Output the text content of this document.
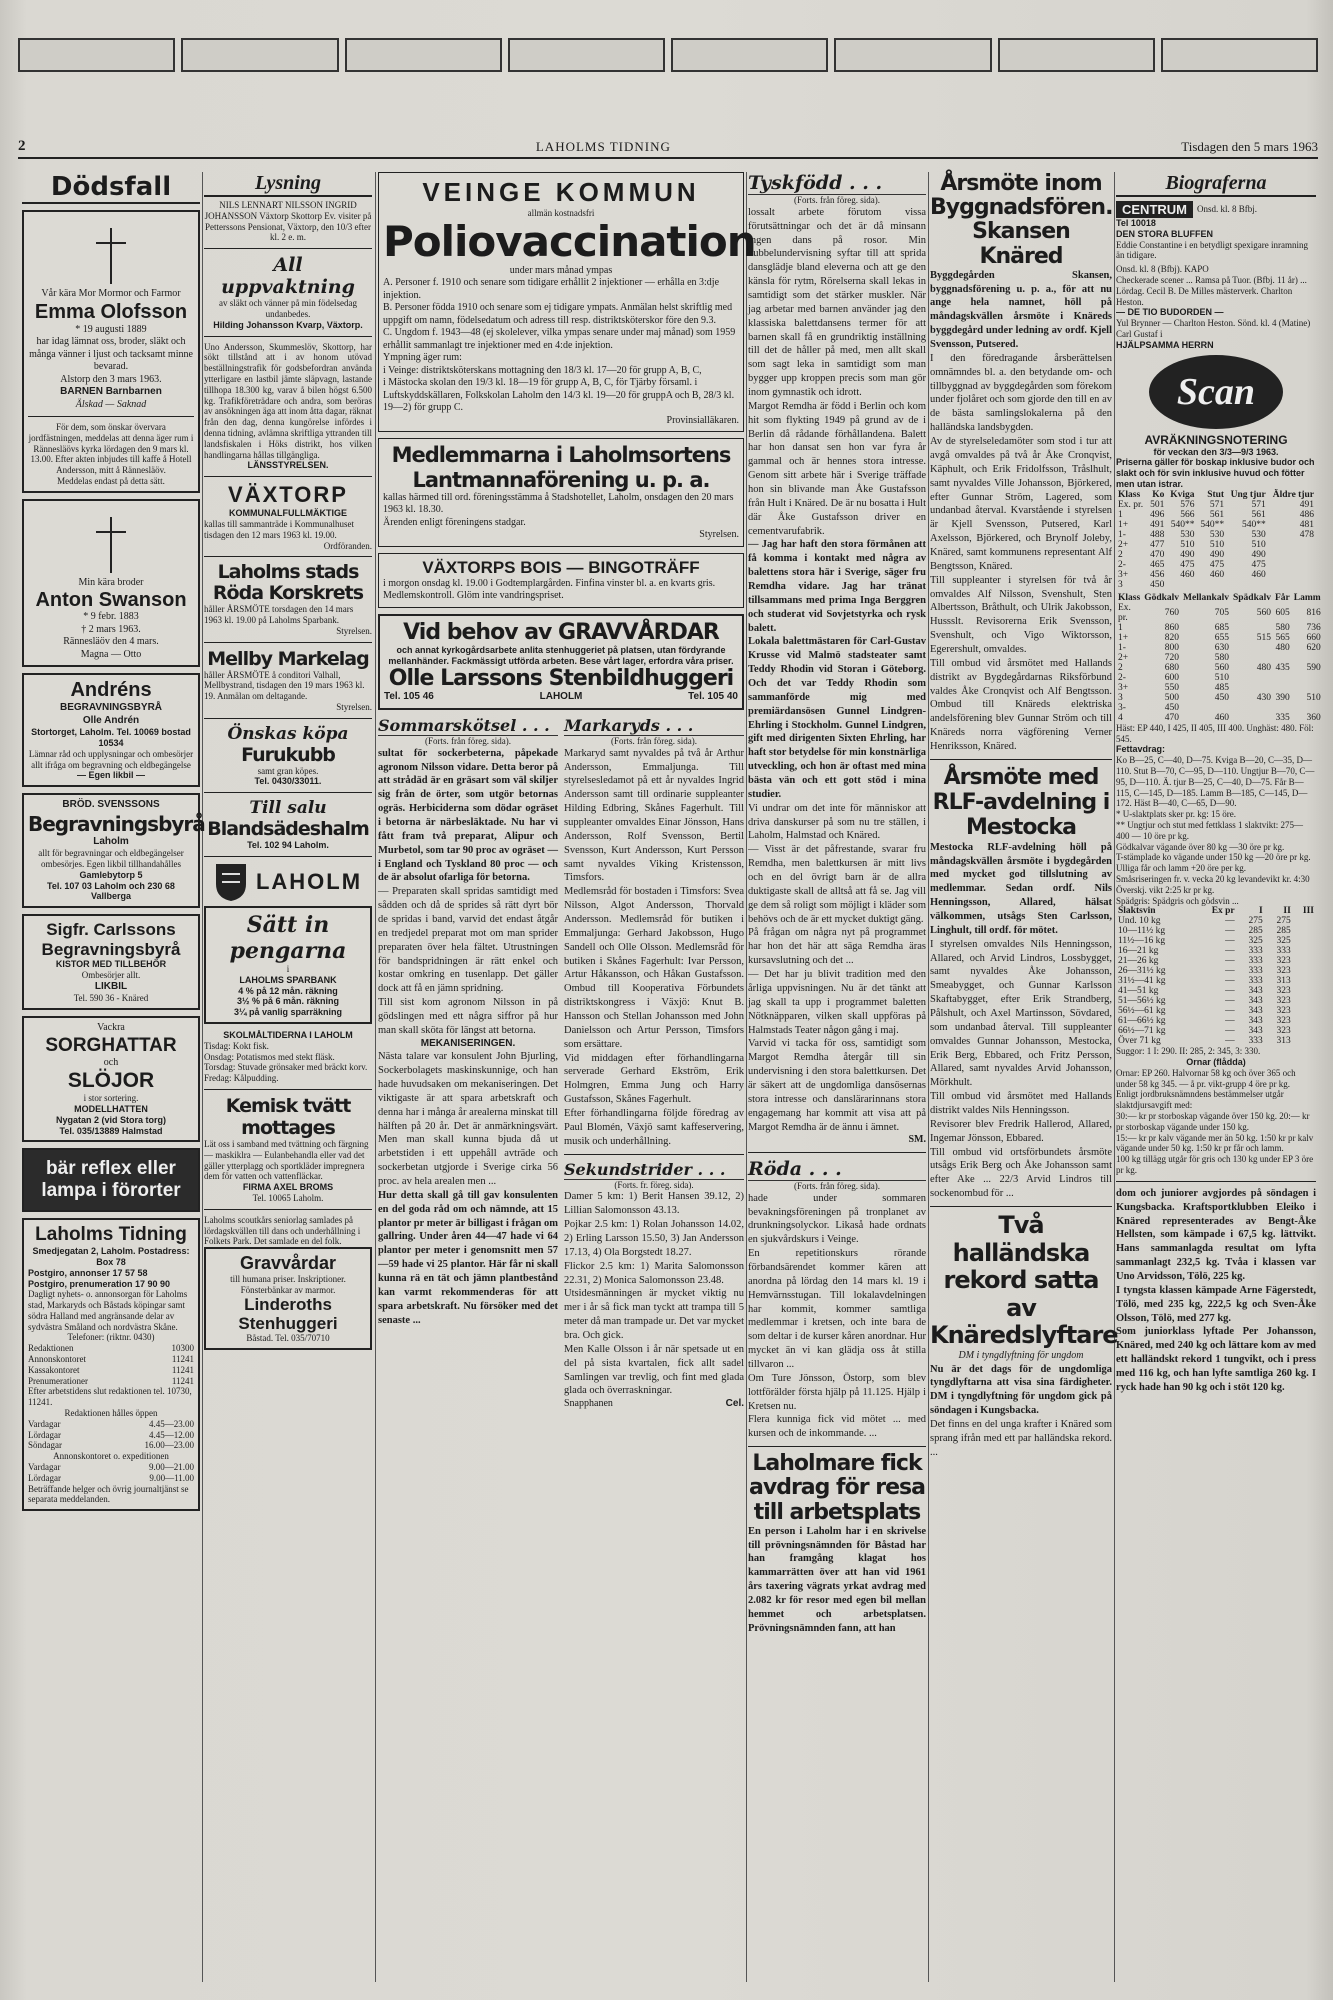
2	LAHOLMS TIDNING	Tisdagen den 5 mars 1963
Dödsfall
Vår kära Mor Mormor och Farmor
Emma Olofsson
* 19 augusti 1889
har idag lämnat oss, broder, släkt och många vänner i ljust och tacksamt minne bevarad.
Alstorp den 3 mars 1963.
BARNEN Barnbarnen
Älskad — Saknad
För dem, som önskar övervara jordfästningen, meddelas att denna äger rum i Rännesläövs kyrka lördagen den 9 mars kl. 13.00. Efter akten inbjudes till kaffe å Hotell Andersson, mitt å Rännesläöv.
Meddelas endast på detta sätt.
Min kära broder
Anton Swanson
* 9 febr. 1883
† 2 mars 1963.
Rännesläöv den 4 mars.
Magna — Otto
Andréns
BEGRAVNINGSBYRÅ
Olle Andrén
Stortorget, Laholm. Tel. 10069 bostad 10534
Lämnar råd och upplysningar och ombesörjer allt ifråga om begravning och eldbegängelse
— Egen likbil —
BRÖD. SVENSSONS
Begravningsbyrå
Laholm
allt för begravningar och eldbegängelser ombesörjes. Egen likbil tillhandahålles
Gamlebytorp 5
Tel. 107 03 Laholm och 230 68 Vallberga
Sigfr. Carlssons Begravningsbyrå
KISTOR MED TILLBEHÖR
Ombesörjer allt.
LIKBIL
Tel. 590 36 - Knäred
Vackra
SORGHATTAR
och
SLÖJOR
i stor sortering.
MODELLHATTEN
Nygatan 2 (vid Stora torg)
Tel. 035/13889 Halmstad
bär reflex eller lampa i förorter
Laholms Tidning
Smedjegatan 2, Laholm. Postadress: Box 78
Postgiro, annonser 17 57 58
Postgiro, prenumeration 17 90 90
Dagligt nyhets- o. annonsorgan för Laholms stad, Markaryds och Båstads köpingar samt södra Halland med angränsande delar av sydvästra Småland och nordvästra Skåne.
Telefoner: (riktnr. 0430)
Redaktionen	10300
Annonskontoret	11241
Kassakontoret	11241
Prenumerationer	11241
Efter arbetstidens slut redaktionen tel. 10730, 11241.
Redaktionen hålles öppen
Vardagar	4.45—23.00
Lördagar	4.45—12.00
Söndagar	16.00—23.00
Annonskontoret o. expeditionen
Vardagar	9.00—21.00
Lördagar	9.00—11.00
Beträffande helger och övrig journaltjänst se separata meddelanden.
Lysning
NILS LENNART NILSSON INGRID JOHANSSON Växtorp Skottorp Ev. visiter på Petterssons Pensionat, Växtorp, den 10/3 efter kl. 2 e. m.
All uppvaktning
av släkt och vänner på min födelsedag undanbedes.
Hilding Johansson Kvarp, Växtorp.
Uno Andersson, Skummeslöv, Skottorp, har sökt tillstånd att i av honom utövad beställningstrafik för godsbefordran använda ytterligare en lastbil jämte släpvagn, lastande tillhopa 18.300 kg, varav å bilen högst 6.500 kg. Trafikföreträdare och andra, som beröras av ansökningen äga att inom åtta dagar, räknat från den dag, denna kungörelse infördes i denna tidning, avlämna skriftliga yttranden till landsfiskalen i Höks distrikt, hos vilken handlingarna hållas tillgängliga.
LÄNSSTYRELSEN.
VÄXTORP
KOMMUNALFULLMÄKTIGE
kallas till sammanträde i Kommunalhuset tisdagen den 12 mars 1963 kl. 19.00.
Ordföranden.
Laholms stads Röda Korskrets
håller ÅRSMÖTE torsdagen den 14 mars 1963 kl. 19.00 på Laholms Sparbank.
Styrelsen.
Mellby Markelag
håller ÅRSMÖTE å conditori Valhall, Mellbystrand, tisdagen den 19 mars 1963 kl. 19. Anmälan om deltagande.
Styrelsen.
Önskas köpa
Furukubb
samt gran köpes.
Tel. 0430/33011.
Till salu
Blandsädeshalm
Tel. 102 94 Laholm.
LAHOLM
Sätt in pengarna
i
LAHOLMS SPARBANK
4 % på 12 mån. räkning
3½ % på 6 mån. räkning
3¼ på vanlig sparräkning
SKOLMÅLTIDERNA I LAHOLM
Tisdag: Kokt fisk.
Onsdag: Potatismos med stekt fläsk.
Torsdag: Stuvade grönsaker med bräckt korv.
Fredag: Kålpudding.
Kemisk tvätt mottages
Lät oss i samband med tvättning och färgning — maskiklra — Eulanbehandla eller vad det gäller ytterplagg och sportkläder impregnera dem för vatten och vattenfläckar.
FIRMA AXEL BROMS
Tel. 10065 Laholm.
Laholms scoutkårs seniorlag samlades på lördagskvällen till dans och underhållning i Folkets Park. Det samlade en del folk.
Gravvårdar
till humana priser. Inskriptioner. Fönsterbänkar av marmor.
Linderoths Stenhuggeri
Båstad. Tel. 035/70710
VEINGE KOMMUN
allmän kostnadsfri
Poliovaccination
under mars månad ympas
A. Personer f. 1910 och senare som tidigare erhållit 2 injektioner — erhålla en 3:dje injektion.
B. Personer födda 1910 och senare som ej tidigare ympats. Anmälan helst skriftlig med uppgift om namn, födelsedatum och adress till resp. distriktsköterskor före den 9.3.
C. Ungdom f. 1943—48 (ej skolelever, vilka ympas senare under maj månad) som 1959 erhållit sammanlagt tre injektioner med en 4:de injektion.
Ympning äger rum:
i Veinge: distriktsköterskans mottagning den 18/3 kl. 17—20 för grupp A, B, C,
i Mästocka skolan den 19/3 kl. 18—19 för grupp A, B, C, för Tjärby församl. i Luftskyddskällaren, Folkskolan Laholm den 14/3 kl. 19—20 för gruppA och B, 28/3 kl. 19—2) för grupp C.
Provinsialläkaren.
Medlemmarna i Laholmsortens Lantmannaförening u. p. a.
kallas härmed till ord. föreningsstämma å Stadshotellet, Laholm, onsdagen den 20 mars 1963 kl. 18.30.
Ärenden enligt föreningens stadgar.
Styrelsen.
VÄXTORPS BOIS — BINGOTRÄFF
i morgon onsdag kl. 19.00 i Godtemplargården. Finfina vinster bl. a. en kvarts gris. Medlemskontroll. Glöm inte vandringspriset.
Vid behov av GRAVVÅRDAR
och annat kyrkogårdsarbete anlita stenhuggeriet på platsen, utan fördyrande mellanhänder. Fackmässigt utförda arbeten. Bese vårt lager, erfordra våra priser.
Olle Larssons Stenbildhuggeri
Tel. 105 46	LAHOLM	Tel. 105 40
Sommarskötsel . . .
(Forts. från föreg. sida).
sultat för sockerbeterna, påpekade agronom Nilsson vidare. Detta beror på att strådäd är en gräsart som väl skiljer sig från de örter, som utgör betornas ogräs. Herbiciderna som dödar ogräset i betorna är närbesläktade. Nu har vi fått fram två preparat, Alipur och Murbetol, som tar 90 proc av ogräset — i England och Tyskland 80 proc — och de är absolut ofarliga för betorna.
— Preparaten skall spridas samtidigt med sådden och då de sprides så rätt dyrt bör de spridas i band, varvid det endast åtgår en tredjedel preparat mot om man sprider preparaten över hela fältet. Utrustningen för bandspridningen är rätt enkel och kostar omkring en tusenlapp. Det gäller dock att få en jämn spridning.
Till sist kom agronom Nilsson in på gödslingen med ett några siffror på hur man skall sköta för längst att betorna.
MEKANISERINGEN.
Nästa talare var konsulent John Bjurling, Sockerbolagets maskinskunnige, och han hade huvudsaken om mekaniseringen. Det viktigaste är att spara arbetskraft och denna har i många år arealerna minskat till hälften på 20 år. Det är anmärkningsvärt. Men man skall kunna bjuda då ut arbetstiden i ett uppehåll avträde och sockerbetan utgjorde i Sverige cirka 56 proc. av hela arealen men ...
Hur detta skall gå till gav konsulenten en del goda råd om och nämnde, att 15 plantor pr meter är billigast i frågan om gallring. Under åren 44—47 hade vi 64 plantor per meter i genomsnitt men 57—59 hade vi 25 plantor. Här får ni skall kunna rä en tät och jämn plantbestånd kan varmt rekommenderas för att spara arbetskraft. Nu försöker med det senaste ...
Markaryds . . .
(Forts. från föreg. sida).
Markaryd samt nyvaldes på två år Arthur Andersson, Emmaljunga. Till styrelsesledamot på ett år nyvaldes Ingrid Andersson samt till ordinarie suppleanter Hilding Edbring, Skånes Fagerhult. Till suppleanter omvaldes Einar Jönsson, Hans Andersson, Rolf Svensson, Bertil Svensson, Kurt Andersson, Kurt Persson samt nyvaldes Viking Kristensson, Timsfors.
Medlemsråd för bostaden i Timsfors: Svea Nilsson, Algot Andersson, Thorvald Andersson. Medlemsråd för butiken i Emmaljunga: Gerhard Jakobsson, Hugo Sandell och Olle Olsson. Medlemsråd för butiken i Skånes Fagerhult: Ivar Persson, Artur Håkansson, och Håkan Gustafsson. Ombud till Kooperativa Förbundets distriktskongress i Växjö: Knut B. Hansson och Stellan Johansson med John Danielsson och Artur Persson, Timsfors som ersättare.
Vid middagen efter förhandlingarna serverade Gerhard Ekström, Erik Holmgren, Emma Jung och Harry Gustafsson, Skånes Fagerhult.
Efter förhandlingarna följde föredrag av Paul Blomén, Växjö samt kaffeservering, musik och underhållning.
Sekundstrider . . .
(Forts. fr. föreg. sida).
Damer 5 km: 1) Berit Hansen 39.12, 2) Lillian Salomonsson 43.13.
Pojkar 2.5 km: 1) Rolan Johansson 14.02, 2) Erling Larsson 15.50, 3) Jan Andersson 17.13, 4) Ola Borgstedt 18.27.
Flickor 2.5 km: 1) Marita Salomonsson 22.31, 2) Monica Salomonsson 23.48.
Utsidesmänningen är mycket viktig nu mer i år så fick man tyckt att trampa till 5 meter då man trampade ur. Det var mycket bra. Och gick.
Men Kalle Olsson i år när spetsade ut en del på sista kvartalen, fick allt sadel Samlingen var trevlig, och fint med glada glada och överraskningar.
Snapphanen	Cel.
Tyskfödd . . .
(Forts. från föreg. sida).
lossalt arbete förutom vissa förutsättningar och det är då minsann ingen dans på rosor. Min bubbelundervisning syftar till att sprida dansglädje bland eleverna och att ge den känsla för rytm, Rörelserna skall lekas in samtidigt som det stärker muskler. När jag arbetar med barnen använder jag den klassiska balettdansens termer för att barnen skall få en grundriktig inställning till det de håller på med, men allt skall som sagt leka in samtidigt som man bygger upp kroppen precis som man gör inom gymnastik och idrott.
Margot Remdha är född i Berlin och kom hit som flykting 1949 på grund av de i Berlin då rådande förhållandena. Balett har hon dansat sen hon var fyra år gammal och är hennes stora intresse. Genom sitt arbete här i Sverige träffade hon sin blivande man Åke Gustafsson från Hult i Knäred. De är nu bosatta i Hult där Åke Gustafsson driver en cementvarufabrik.
— Jag har haft den stora förmånen att få komma i kontakt med några av balettens stora här i Sverige, säger fru Remdha vidare. Jag har tränat tillsammans med prima Inga Berggren och studerat vid Sovjetstyrka och rysk balett.
Lokala balettmästaren för Carl-Gustav Krusse vid Malmö stadsteater samt Teddy Rhodin vid Storan i Göteborg. Och det var Teddy Rhodin som sammanförde mig med premiärdansösen Gunnel Lindgren-Ehrling i Stockholm. Gunnel Lindgren, gift med dirigenten Sixten Ehrling, har haft stor betydelse för min konstnärliga utveckling, och hon är oftast med mina bästa vän och ett gott stöd i mina studier.
Vi undrar om det inte för människor att driva danskurser på som nu tre ställen, i Laholm, Halmstad och Knäred.
— Visst är det påfrestande, svarar fru Remdha, men balettkursen är mitt livs och en del övrigt barn är de allra duktigaste skall de alltså att få se. Jag vill ge dem så roligt som möjligt i kläder som behövs och de är ett mycket duktigt gäng.
På frågan om några nyt på programmet har hon det här att säga Remdha äras kursavslutning och det ...
— Det har ju blivit tradition med den årliga uppvisningen. Nu är det tänkt att jag skall ta upp i programmet baletten Nötknäpparen, vilken skall uppföras på Halmstads Teater någon gång i maj.
Varvid vi tacka för oss, samtidigt som Margot Remdha återgår till sin undervisning i den stora balettkursen. Det är säkert att de ungdomliga dansösernas stora intresse och danslärarinnans stora engagemang har kommit att visa att på Margot Remdha är de ännu i ämnet.
SM.
Röda . . .
(Forts. från föreg. sida).
hade under sommaren bevakningsföreningen på tronplanet av drunkningsolyckor. Likaså hade ordnats en sjukvårdskurs i Veinge.
En repetitionskurs rörande förbandsärendet kommer kären att anordna på lördag den 14 mars kl. 19 i Hemvärnsstugan. Till lokalavdelningen har kommit, kommer samtliga medlemmar i kretsen, och inte bara de som deltar i de kurser kåren anordnar. Hur mycket än vi kan glädja oss åt stilla tillvaron ...
Om Ture Jönsson, Östorp, som blev lottförälder första hjälp på 11.125. Hjälp i Kretsen nu.
Flera kunniga fick vid mötet ... med kursen och de inkommande. ...
Laholmare fick avdrag för resa till arbetsplats
En person i Laholm har i en skrivelse till prövningsnämnden för Båstad har han framgång klagat hos kammarrätten över att han vid 1961 års taxering vägrats yrkat avdrag med 2.082 kr för resor med egen bil mellan hemmet och arbetsplatsen. Prövningsnämnden fann, att han
Årsmöte inom Byggnadsfören. Skansen Knäred
Byggdegården Skansen, byggnadsförening u. p. a., för att nu ange hela namnet, höll på måndagskvällen årsmöte i Knäreds byggdegård under ledning av ordf. Kjell Svensson, Putsered.
I den föredragande årsberättelsen omnämndes bl. a. den betydande om- och tillbyggnad av byggdegården som förekom under fjolåret och som gjorde den till en av de bästa samlingslokalerna på den halländska landsbygden.
Av de styrelseledamöter som stod i tur att avgå omvaldes på två år Åke Cronqvist, Käphult, och Erik Fridolfsson, Tråslhult, samt nyvaldes Ville Johansson, Björkered, efter Gunnar Ström, Lagered, som undanbad återval. Kvarstående i styrelsen är Kjell Svensson, Putsered, Karl Axelsson, Björkered, och Brynolf Joleby, Knäred, samt kommunens representant Alf Bengtsson, Knäred.
Till suppleanter i styrelsen för två år omvaldes Alf Nilsson, Svenshult, Sten Albertsson, Bråthult, och Ulrik Jakobsson, Hussslt. Revisorerna Erik Svensson, Svenshult, och Vigo Wiktorsson, Egerershult, omvaldes.
Till ombud vid årsmötet med Hallands distrikt av Bygdegårdarnas Riksförbund valdes Åke Cronqvist och Alf Bengtsson. Ombud till Knäreds elektriska andelsförening blev Gunnar Ström och till Knäreds norra vägförening Verner Henriksson, Knäred.
Årsmöte med RLF-avdelning i Mestocka
Mestocka RLF-avdelning höll på måndagskvällen årsmöte i bygdegården med mycket god tillslutning av medlemmar. Sedan ordf. Nils Henningsson, Allared, hälsat välkommen, utsågs Sten Carlsson, Linghult, till ordf. för mötet.
I styrelsen omvaldes Nils Henningsson, Allared, och Arvid Lindros, Lossbygget, samt nyvaldes Åke Johansson, Smeabygget, och Gunnar Karlsson Skaftabygget, efter Erik Strandberg, Pålshult, och Axel Martinsson, Sövdared, som undanbad återval. Till suppleanter omvaldes Gunnar Johansson, Mestocka, Erik Berg, Ebbared, och Fritz Persson, Allared, samt nyvaldes Arvid Johansson, Mörkhult.
Till ombud vid årsmötet med Hallands distrikt valdes Nils Henningsson.
Revisorer blev Fredrik Hallerod, Allared, Ingemar Jönsson, Ebbared.
Till ombud vid ortsförbundets årsmöte utsågs Erik Berg och Åke Johansson samt efter Ake ... 22/3 Arvid Lindros till sockenombud för ...
Två halländska rekord satta av Knäredslyftare
DM i tyngdlyftning för ungdom
Nu är det dags för de ungdomliga tyngdlyftarna att visa sina färdigheter. DM i tyngdlyftning för ungdom gick på söndagen i Kungsbacka.
Det finns en del unga krafter i Knäred som sprang ifrån med ett par halländska rekord. ...
Biograferna
CENTRUM	Onsd. kl. 8 Bfbj.
Tel 10018
DEN STORA BLUFFEN
Eddie Constantine i en betydligt spexigare inramning än tidigare.
Onsd. kl. 8 (Bfbj). KAPO
Checkerade scener ... Ramsa på Tuor. (Bfbj. 11 år) ... Lördag. Cecil B. De Milles mästerverk. Charlton Heston.
— DE TIO BUDORDEN —
Yul Brynner — Charlton Heston. Sönd. kl. 4 (Matine) Carl Gustaf i
HJÄLPSAMMA HERRN
Scan
AVRÄKNINGSNOTERING
för veckan den 3/3—9/3 1963.
Priserna gäller för boskap inklusive budor och slakt och för svin inklusive huvud och fötter men utan istrar.
Klass	Ko	Kviga	Stut	Ung tjur	Äldre tjur
Ex. pr.	501	576	571	571	491
1	496	566	561	561	486
1+	491	540**	540**	540**	481
1-	488	530	530	530	478
2+	477	510	510	510	
2	470	490	490	490	
2-	465	475	475	475	
3+	456	460	460	460	
3	450				
Klass	Gödkalv	Mellankalv	Spädkalv	Får	Lamm
Ex. pr.	760	705	560	605	816
1	860	685		580	736
1+	820	655	515	565	660
1-	800	630		480	620
2+	720	580			
2	680	560	480	435	590
2-	600	510			
3+	550	485			
3	500	450	430	390	510
3-	450				
4	470	460		335	360
Häst: EP 440, I 425, II 405, III 400. Unghäst: 480. Föl: 545.
Fettavdrag:
Ko B—25, C—40, D—75. Kviga B—20, C—35, D—110. Stut B—70, C—95, D—110. Ungtjur B—70, C—95, D—110. Ä. tjur B—25, C—40, D—75. Får B—115, C—145, D—185. Lamm B—185, C—145, D—172. Häst B—40, C—65, D—90.
* U-slaktplats sker pr. kg: 15 öre.
** Ungtjur och stut med fettklass 1 slaktvikt: 275—400 — 10 öre pr kg.
Gödkalvar vägande över 80 kg —30 öre pr kg.
T-stämplade ko vägande under 150 kg —20 öre pr kg.
Ulliga får och lamm +20 öre per kg.
Småsriseringen fr. v. vecka 20 kg levandevikt kr. 4:30 Överskj. vikt 2:25 kr pr kg.
Spädgris: Spädgris och gödsvin ...
Slaktsvin	Ex pr	I	II	III
Und. 10 kg	—	275	275	
10—11½ kg	—	285	285	
11½—16 kg	—	325	325	
16—21 kg	—	333	333	
21—26 kg	—	333	323	
26—31½ kg	—	333	323	
31½—41 kg	—	333	313	
41—51 kg	—	343	323	
51—56½ kg	—	343	323	
56½—61 kg	—	343	323	
61—66½ kg	—	343	323	
66½—71 kg	—	343	323	
Över 71 kg	—	333	313	
Suggor: 1 I: 290. II: 285, 2: 345, 3: 330.
Ornar (flådda)
Ornar: EP 260. Halvornar 58 kg och över 365 och under 58 kg 345. — å pr. vikt-grupp 4 öre pr kg.
Enligt jordbruksnämndens bestämmelser utgår slaktdjursavgift med:
30:— kr pr storboskap vägande över 150 kg. 20:— kr pr storboskap vägande under 150 kg.
15:— kr pr kalv vägande mer än 50 kg. 1:50 kr pr kalv vägande under 50 kg. 1:50 kr pr får och lamm.
100 kg tillägg utgår för gris och 130 kg under EP 3 öre pr kg.
dom och juniorer avgjordes på söndagen i Kungsbacka. Kraftsportklubben Eleiko i Knäred representerades av Bengt-Åke Hellsten, som kämpade i 67,5 kg. lättvikt. Hans sammanlagda resultat om lyfta sammanlagt 232,5 kg. Tvåa i klassen var Uno Arvidsson, Tölö, 225 kg.
I tyngsta klassen kämpade Arne Fägerstedt, Tölö, med 235 kg, 222,5 kg och Sven-Åke Olsson, Tölö, med 277 kg.
Som juniorklass lyftade Per Johansson, Knäred, med 240 kg och lättare kom av med ett halländskt rekord 1 tungvikt, och i press med 116 kg, och han lyfte samtliga 260 kg. I ryck hade han 90 kg och i stöt 120 kg.
